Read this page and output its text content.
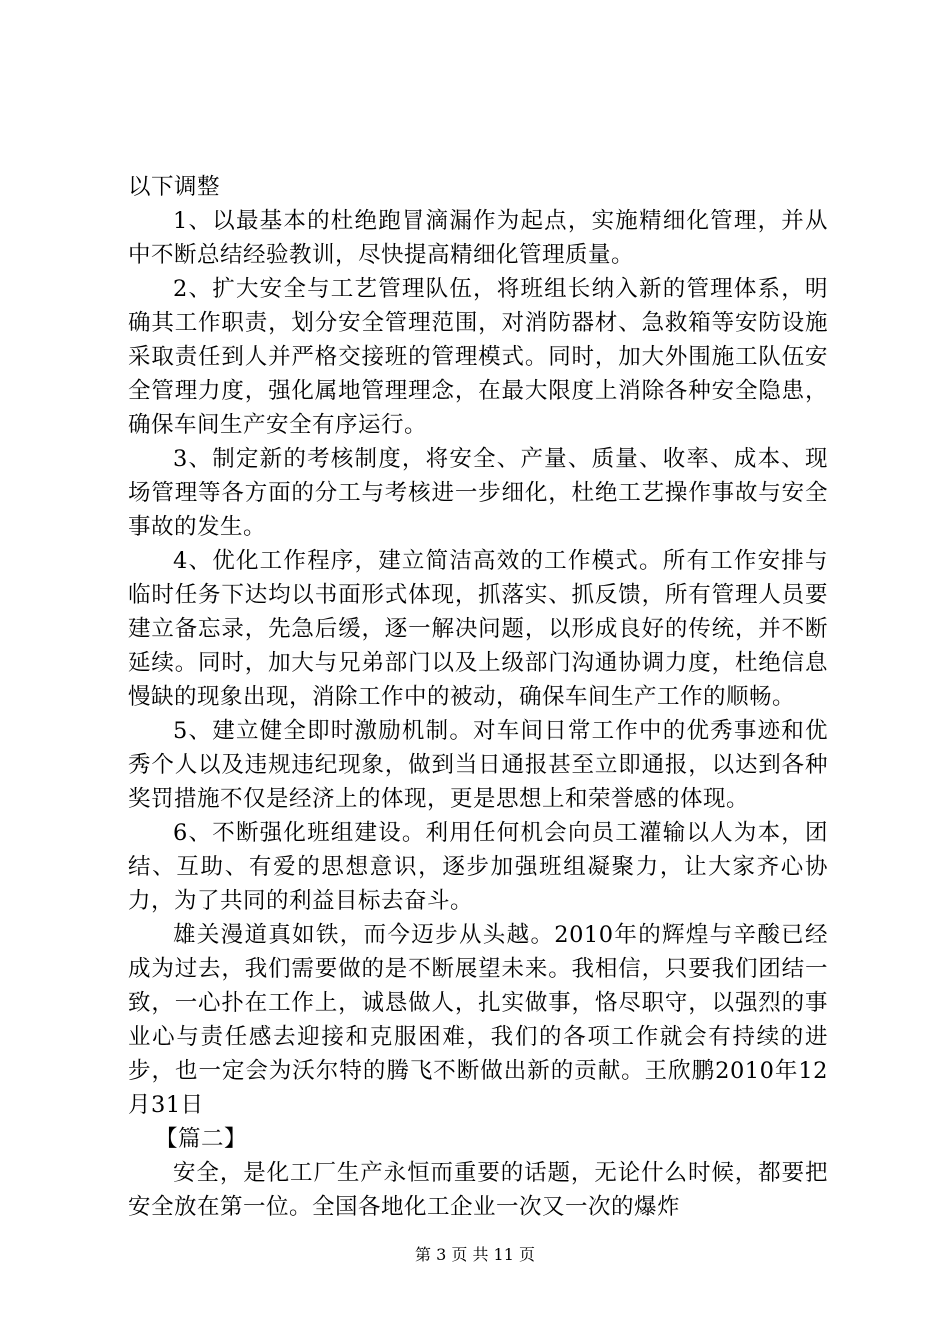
以下调整

1、以最基本的杜绝跑冒滴漏作为起点，实施精细化管理，并从中不断总结经验教训，尽快提高精细化管理质量。

2、扩大安全与工艺管理队伍，将班组长纳入新的管理体系，明确其工作职责，划分安全管理范围，对消防器材、急救箱等安防设施采取责任到人并严格交接班的管理模式。同时，加大外围施工队伍安全管理力度，强化属地管理理念，在最大限度上消除各种安全隐患，确保车间生产安全有序运行。

3、制定新的考核制度，将安全、产量、质量、收率、成本、现场管理等各方面的分工与考核进一步细化，杜绝工艺操作事故与安全事故的发生。

4、优化工作程序，建立简洁高效的工作模式。所有工作安排与临时任务下达均以书面形式体现，抓落实、抓反馈，所有管理人员要建立备忘录，先急后缓，逐一解决问题，以形成良好的传统，并不断延续。同时，加大与兄弟部门以及上级部门沟通协调力度，杜绝信息慢缺的现象出现，消除工作中的被动，确保车间生产工作的顺畅。

5、建立健全即时激励机制。对车间日常工作中的优秀事迹和优秀个人以及违规违纪现象，做到当日通报甚至立即通报，以达到各种奖罚措施不仅是经济上的体现，更是思想上和荣誉感的体现。

6、不断强化班组建设。利用任何机会向员工灌输以人为本，团结、互助、有爱的思想意识，逐步加强班组凝聚力，让大家齐心协力，为了共同的利益目标去奋斗。

雄关漫道真如铁，而今迈步从头越。2010年的辉煌与辛酸已经成为过去，我们需要做的是不断展望未来。我相信，只要我们团结一致，一心扑在工作上，诚恳做人，扎实做事，恪尽职守，以强烈的事业心与责任感去迎接和克服困难，我们的各项工作就会有持续的进步，也一定会为沃尔特的腾飞不断做出新的贡献。王欣鹏2010年12月31日

【篇二】

安全，是化工厂生产永恒而重要的话题，无论什么时候，都要把安全放在第一位。全国各地化工企业一次又一次的爆炸

第 3 页 共 11 页
